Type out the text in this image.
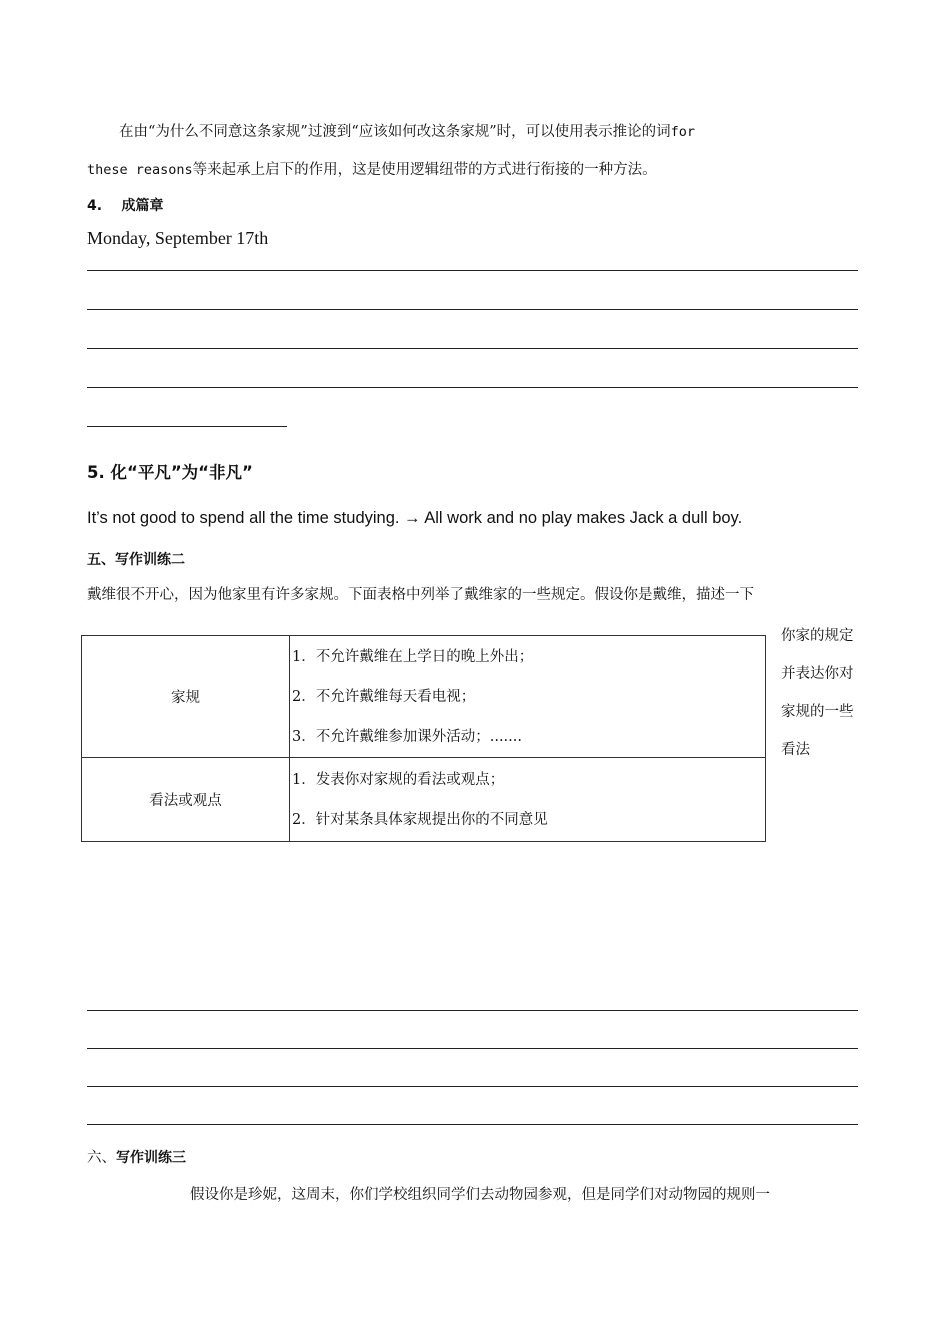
在由“为什么不同意这条家规”过渡到“应该如何改这条家规”时，可以使用表示推论的词for
these reasons等来起承上启下的作用，这是使用逻辑纽带的方式进行衔接的一种方法。
4.    成篇章
Monday, September 17th
5. 化“平凡”为“非凡”
It’s not good to spend all the time studying. → All work and no play makes Jack a dull boy.
五、写作训练二
戴维很不开心，因为他家里有许多家规。下面表格中列举了戴维家的一些规定。假设你是戴维，描述一下
家规	1．不允许戴维在上学日的晚上外出；
2．不允许戴维每天看电视；
3．不允许戴维参加课外活动；.......

看法或观点	1．发表你对家规的看法或观点；
2．针对某条具体家规提出你的不同意见
你家的规定
并表达你对
家规的一些
看法
六、写作训练三
假设你是珍妮，这周末，你们学校组织同学们去动物园参观，但是同学们对动物园的规则一
